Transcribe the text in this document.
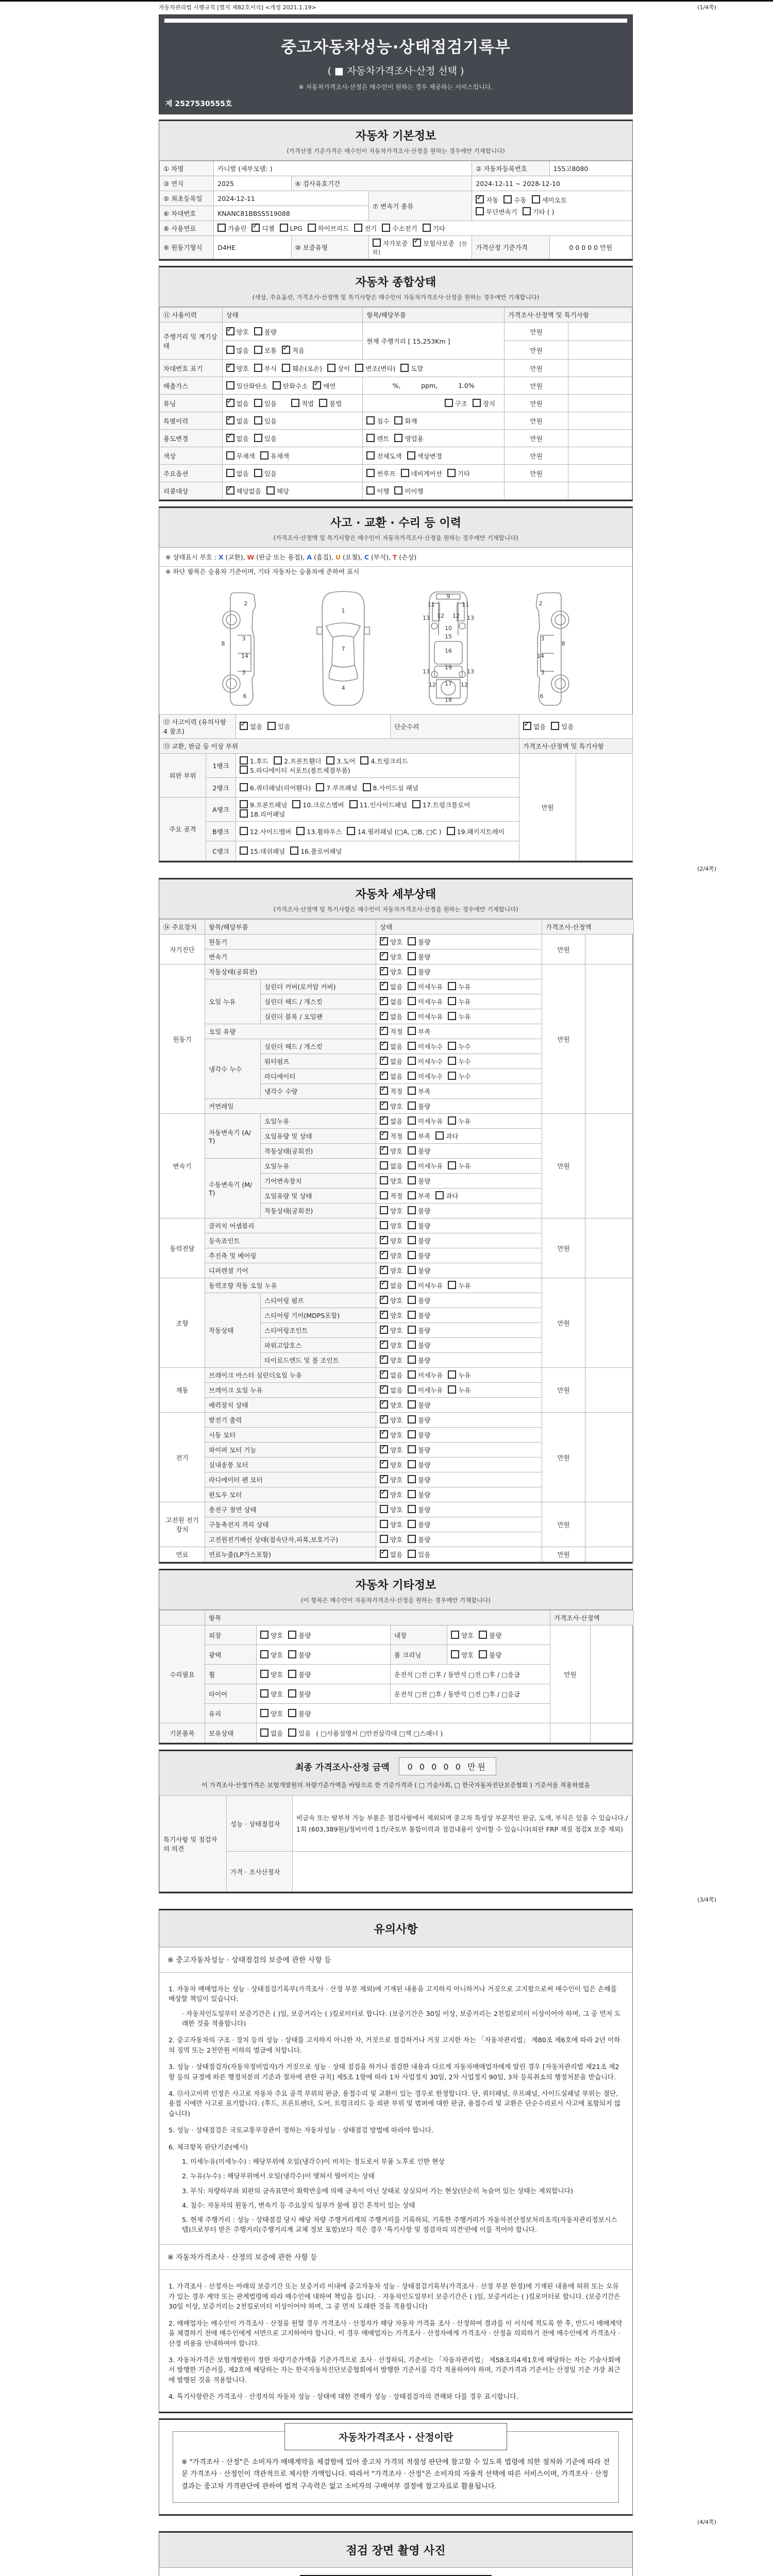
자동차관리법 시행규칙 [별지 제82호서식] <개정 2021.1.19>	(1/4쪽)
중고자동차성능·상태점검기록부
( ■ 자동차가격조사·산정 선택 )
※ 자동차가격조사·산정은 매수인이 원하는 경우 제공하는 서비스입니다.
제 2527530555호
자동차 기본정보
(가격산정 기준가격은 매수인이 자동차가격조사·산정을 원하는 경우에만 기재합니다)
① 차명	카니발 (세부모델: )			② 자동차등록번호	155고8080
③ 연식	2025	④ 검사유효기간		2024-12-11 ~ 2028-12-10	
⑤ 최초등록일	2024-12-11		⑦ 변속기 종류	
✓자동 수동 세미오토
무단변속기 기타 ( )

⑥ 차대번호	KNANC81BBSS519088				
⑧ 사용연료	가솔린 ✓ 디젤 LPG 하이브리드 전기 수소전기 기타
⑨ 원동기형식	D4HE	⑩ 보증유형	자가보증 ✓ 보험사보증 [한화]	가격산정 기준가격	0 0 0 0 0 만원
자동차 종합상태
(색상, 주요옵션, 가격조사·산정액 및 특기사항은 매수인이 자동차가격조사·산정을 원하는 경우에만 기재합니다)
⑪ 사용이력	상태	항목/해당부품	가격조사·산정액 및 특기사항	
주행거리 및 계기상태	✓양호 불량	현재 주행거리 [ 15,253Km ]	만원	
	많음 보통 ✓ 적음		만원	
차대번호 표기	✓양호 부식 훼손(오손) 상이 변조(변타) 도말		만원	
배출가스	일산화탄소 탄화수소 ✓ 매연	%,          ppm,          1.0%	만원	
튜닝	✓없음 있음 적법 불법	구조 장치	만원	
특별이력	✓없음 있음	침수 화재	만원	
용도변경	✓없음 있음	렌트 영업용	만원	
색상	무채색 유채색	전체도색 색상변경	만원	
주요옵션	없음 있음	썬루프 네비게이션 기타	만원	
리콜대상	✓해당없음 해당	이행 미이행		
사고 · 교환 · 수리 등 이력
(가격조사·산정액 및 특기사항은 매수인이 자동차가격조사·산정을 원하는 경우에만 기재합니다)
※ 상태표시 부호 : X (교환), W (판금 또는 용접), A (흠집), U (요철), C (부식), T (손상)
※ 하단 항목은 승용차 기준이며, 기타 자동차는 승용차에 준하여 표시
2
8
3
14
3
6
1
7
4
9
11	11
13	13
12 12
10
15
16
19
13	13
12	12
17
18
2
8
3
14
3
6
⑫ 사고이력 (유의사항 4 참조)	✓없음 있음	단순수리	✓없음 있음
⑬ 교환, 판금 등 이상 부위				가격조사·산정액 및 특기사항	
외판 부위	1랭크	1.후드 2.프론트휀더 3.도어 4.트렁크리드5.라디에이터 서포트(볼트체결부품)		만원	
	2랭크	6.쿼더패널(리어휀다) 7.루프패널 8.사이드실 패널			
주요 골격	A랭크	9.프론트패널 10.크로스멤버 11.인사이드패널 17.트렁크플로어18.리어패널			
	B랭크	12.사이드멤버 13.휠하우스 14.필러패널 (□A, □B, □C ) 19.패키지트레이			
	C랭크	15.대쉬패널 16.플로어패널			
(2/4쪽)
자동차 세부상태
(가격조사·산정액 및 특기사항은 매수인이 자동차가격조사·산정을 원하는 경우에만 기재합니다)
⑭ 주요장치	항목/해당부품		상태	가격조사·산정액	
자기진단	원동기	✓양호 불량	만원	
	변속기	✓양호 불량
원동기	작동상태(공회전)	✓양호 불량	만원	
	오일 누유	실린더 커버(로커암 커버)	✓없음 미세누유 누유
		실린더 헤드 / 개스킷	✓없음 미세누유 누유
		실린더 블록 / 오일팬	✓없음 미세누유 누유
	오일 유량	✓적정 부족
	냉각수 누수	실린더 헤드 / 개스킷	✓없음 미세누수 누수
		워터펌프	✓없음 미세누수 누수
		라디에이터	✓없음 미세누수 누수
		냉각수 수량	✓적정 부족
	커먼레일	✓양호 불량
변속기	자동변속기 (A/T)	오일누유	✓없음 미세누유 누유	만원	
		오일유량 및 상태	✓적정 부족 과다
		작동상태(공회전)	✓양호 불량
	수동변속기 (M/T)	오일누유	없음 미세누유 누유		
		기어변속장치	양호 불량		
		오일유량 및 상태	적정 부족 과다		
		작동상태(공회전)	양호 불량		
동력전달	클러치 어셈블리		양호 불량	만원	
	등속죠인트	✓양호 불량
	추진축 및 베어링	✓양호 불량
	디퍼렌셜 기어	✓양호 불량
조향	동력조향 작동 오일 누유	✓없음 미세누유 누유	만원	
	작동상태	스티어링 펌프	✓양호 불량
		스티어링 기어(MDPS포함)	✓양호 불량
		스티어링조인트	✓양호 불량
		파워고압호스	✓양호 불량
		타이로드엔드 및 볼 조인트	✓양호 불량
제동	브레이크 마스터 실린더오일 누유	✓없음 미세누유 누유	만원	
	브레이크 오일 누유	✓없음 미세누유 누유
	배력장치 상태	✓양호 불량
전기	발전기 출력	✓양호 불량	만원	
	시동 모터	✓양호 불량
	와이퍼 모터 기능	✓양호 불량
	실내송풍 모터	✓양호 불량
	라디에이터 팬 모터	✓양호 불량
	윈도우 모터	✓양호 불량
고전원 전기장치	충전구 절연 상태		양호 불량	만원	
	구동축전지 격리 상태		양호 불량		
	고전원전기배선 상태(접속단자,피복,보호기구)		양호 불량		
연료	연료누출(LP가스포함)	✓없음 있음	만원	
자동차 기타정보
(이 항목은 매수인이 자동차가격조사·산정을 원하는 경우에만 기재합니다)
	항목				가격조사·산정액	
수리필요	외장	양호 불량	내장	양호 불량	만원	
	광택	양호 불량	룸 크리닝	양호 불량		
	휠	양호 불량	운전석 □전 □후 / 동반석 □전 □후 / □응급			
	타이어	양호 불량	운전석 □전 □후 / 동반석 □전 □후 / □응급			
	유리	양호 불량				
기본품목	보유상태	없음 있음 ( □사용설명서 □안전삼각대 □잭 □스패너 )				
최종 가격조사·산정 금액	0 0 0 0 0 만원
이 가격조사·산정가격은 보험개발원의 차량기준가액을 바탕으로 한 기준가격과 ( □ 기술사회, □ 한국자동차진단보증협회 ) 기준서를 적용하였음
특기사항 및 점검자의 의견	성능 · 상태점검자	비금속 또는 탈부착 가능 부품은 점검사항에서 제외되며 중고차 특성상 부분적인 판금, 도색, 부식은 있을 수 있습니다./1회 (603,389원)/정비이력 1건/국토부 통합이력과 점검내용이 상이할 수 있습니다(외판 FRP 재질 점검X 보증 제외)
	가격 · 조사산정자	
(3/4쪽)
유의사항
※ 중고자동차성능 · 상태점검의 보증에 관한 사항 등
1. 자동차 매매업자는 성능 · 상태점검기록부(가격조사 · 산정 부분 제외)에 기재된 내용을 고지하지 아니하거나 거짓으로 고지함으로써 매수인이 입은 손해를 배상할 책임이 있습니다.
· 자동차인도일부터 보증기간은 ( )일, 보증거리는 ( )킬로미터로 합니다. (보증기간은 30일 이상, 보증거리는 2천킬로미터 이상이어야 하며, 그 중 먼저 도래한 것을 적용합니다)
2. 중고자동차의 구조 · 장치 등의 성능 · 상태를 고지하지 아니한 자, 거짓으로 점검하거나 거짓 고지한 자는 「자동차관리법」 제80조 제6호에 따라 2년 이하의 징역 또는 2천만원 이하의 벌금에 처합니다.
3. 성능 · 상태점검자(자동차정비업자)가 거짓으로 성능 · 상태 점검을 하거나 점검한 내용과 다르게 자동차매매업자에게 알린 경우 [자동차관리법 제21조 제2항 등의 규정에 따른 행정처분의 기준과 절차에 관한 규칙] 제5조 1항에 따라 1차 사업정지 30일, 2차 사업정지 90일, 3차 등록취소의 행정처분을 받습니다.
4. ⑫사고이력 인정은 사고로 자동차 주요 골격 부위의 판금, 용접수리 및 교환이 있는 경우로 한정합니다. 단, 쿼터패널, 루프패널, 사이드실패널 부위는 절단, 용접 시에만 사고로 표기합니다. (후드, 프론트펜더, 도어, 트렁크리드 등 외판 부위 및 범퍼에 대한 판금, 용접수리 및 교환은 단순수리로서 사고에 포함되지 않습니다)
5. 성능 · 상태점검은 국토교통부장관이 정하는 자동차성능 · 상태점검 방법에 따라야 합니다.
6. 체크항목 판단기준(예시)
1. 미세누유(미세누수) : 해당부위에 오일(냉각수)이 비치는 정도로서 부품 노후로 인한 현상
2. 누유(누수) : 해당부위에서 오일(냉각수)이 맺혀서 떨어지는 상태
3. 부식: 차량하부와 외판의 금속표면이 화학반응에 의해 금속이 아닌 상태로 상실되어 가는 현상(단순히 녹슬어 있는 상태는 제외합니다)
4. 침수: 자동차의 원동기, 변속기 등 주요장치 일부가 물에 잠긴 흔적이 있는 상태
5. 현재 주행거리 : 성능 · 상태점검 당시 해당 차량 주행거리계의 주행거리를 기록하되, 기록한 주행거리가 자동차전산정보처리조직(자동차관리정보시스템)으로부터 받은 주행거리(주행거리계 교체 정보 포함)보다 적은 경우 '특기사항 및 점검자의 의견'란에 이를 적어야 합니다.
※ 자동차가격조사 · 산정의 보증에 관한 사항 등
1. 가격조사 · 산정자는 아래의 보증기간 또는 보증거리 이내에 중고자동차 성능 · 상태점검기록부(가격조사 · 산정 부분 한정)에 기재된 내용에 허위 또는 오류가 있는 경우 계약 또는 관계법령에 따라 매수인에 대하여 책임을 집니다. · 자동차인도일부터 보증기간은 ( )일, 보증거리는 ( )킬로미터로 합니다. (보증기간은 30일 이상, 보증거리는 2천킬로미터 이상이어야 하며, 그 중 먼저 도래한 것을 적용합니다)
2. 매매업자는 매수인이 가격조사 · 산정을 원할 경우 가격조사 · 산정자가 해당 자동차 가격을 조사 · 산정하여 결과를 이 서식에 적도록 한 후, 반드시 매매계약을 체결하기 전에 매수인에게 서면으로 고지하여야 합니다. 이 경우 매매업자는 가격조사 · 산정자에게 가격조사 · 산정을 의뢰하기 전에 매수인에게 가격조사 · 산정 비용을 안내하여야 합니다.
3. 자동차가격은 보험개발원이 정한 차량기준가액을 기준가격으로 조사 · 산정하되, 기준서는 「자동차관리법」 제58조의4제1호에 해당하는 자는 기술사회에서 발행한 기준서를, 제2호에 해당하는 자는 한국자동차진단보증협회에서 발행한 기준서를 각각 적용하여야 하며, 기준가격과 기준서는 산정일 기준 가장 최근에 발행된 것을 적용합니다.
4. 특기사항란은 가격조사 · 산정자의 자동차 성능 · 상태에 대한 견해가 성능 · 상태점검자의 견해와 다를 경우 표시합니다.
자동차가격조사 · 산정이란
※ "가격조사 · 산정"은 소비자가 매매계약을 체결함에 있어 중고차 가격의 적절성 판단에 참고할 수 있도록 법령에 의한 절차와 기준에 따라 전문 가격조사 · 산정인이 객관적으로 제시한 가액입니다. 따라서 "가격조사 · 산정"은 소비자의 자율적 선택에 따른 서비스이며, 가격조사 · 산정 결과는 중고차 가격판단에 관하여 법적 구속력은 없고 소비자의 구매여부 결정에 참고자료로 활용됩니다.
(4/4쪽)
점검 장면 촬영 사진
